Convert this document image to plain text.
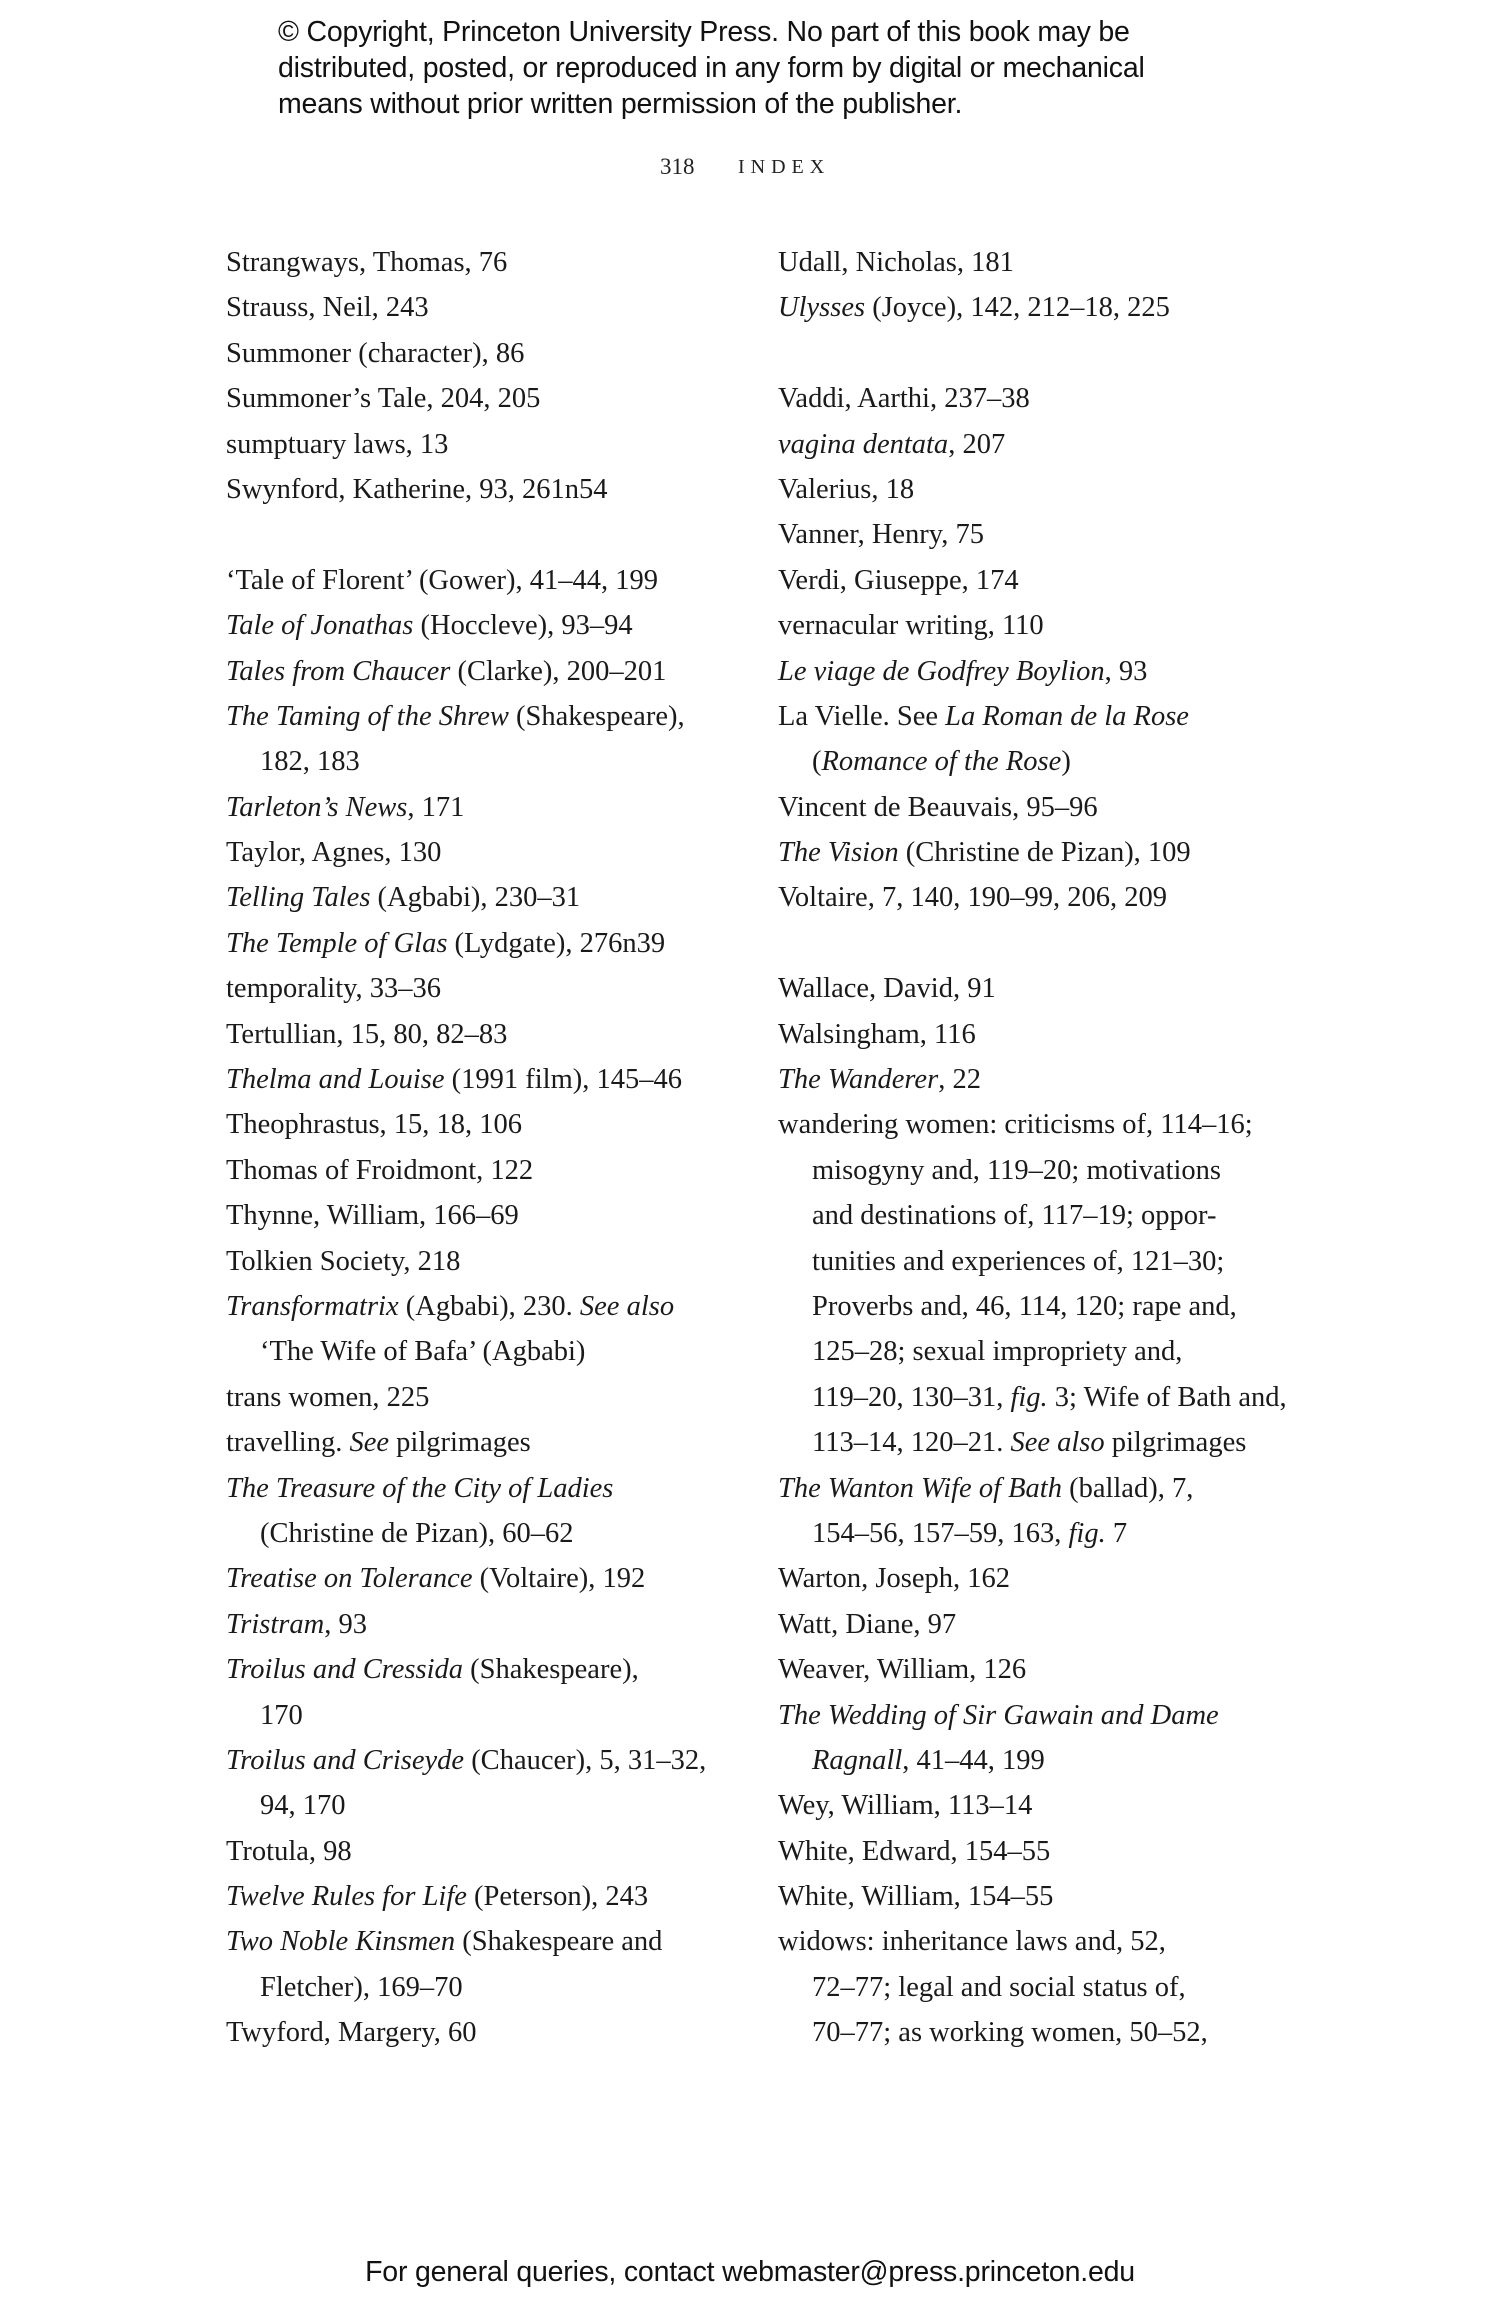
© Copyright, Princeton University Press. No part of this book may be
distributed, posted, or reproduced in any form by digital or mechanical
means without prior written permission of the publisher.
318 INDEX
Strangways, Thomas, 76
Strauss, Neil, 243
Summoner (character), 86
Summoner’s Tale, 204, 205
sumptuary laws, 13
Swynford, Katherine, 93, 261n54
‘Tale of Florent’ (Gower), 41–44, 199
Tale of Jonathas (Hoccleve), 93–94
Tales from Chaucer (Clarke), 200–201
The Taming of the Shrew (Shakespeare),
182, 183
Tarleton’s News, 171
Taylor, Agnes, 130
Telling Tales (Agbabi), 230–31
The Temple of Glas (Lydgate), 276n39
temporality, 33–36
Tertullian, 15, 80, 82–83
Thelma and Louise (1991 film), 145–46
Theophrastus, 15, 18, 106
Thomas of Froidmont, 122
Thynne, William, 166–69
Tolkien Society, 218
Transformatrix (Agbabi), 230. See also
‘The Wife of Bafa’ (Agbabi)
trans women, 225
travelling. See pilgrimages
The Treasure of the City of Ladies
(Christine de Pizan), 60–62
Treatise on Tolerance (Voltaire), 192
Tristram, 93
Troilus and Cressida (Shakespeare),
170
Troilus and Criseyde (Chaucer), 5, 31–32,
94, 170
Trotula, 98
Twelve Rules for Life (Peterson), 243
Two Noble Kinsmen (Shakespeare and
Fletcher), 169–70
Twyford, Margery, 60
Udall, Nicholas, 181
Ulysses (Joyce), 142, 212–18, 225
Vaddi, Aarthi, 237–38
vagina dentata, 207
Valerius, 18
Vanner, Henry, 75
Verdi, Giuseppe, 174
vernacular writing, 110
Le viage de Godfrey Boylion, 93
La Vielle. See La Roman de la Rose
(Romance of the Rose)
Vincent de Beauvais, 95–96
The Vision (Christine de Pizan), 109
Voltaire, 7, 140, 190–99, 206, 209
Wallace, David, 91
Walsingham, 116
The Wanderer, 22
wandering women: criticisms of, 114–16;
misogyny and, 119–20; motivations
and destinations of, 117–19; oppor-
tunities and experiences of, 121–30;
Proverbs and, 46, 114, 120; rape and,
125–28; sexual impropriety and,
119–20, 130–31, fig. 3; Wife of Bath and,
113–14, 120–21. See also pilgrimages
The Wanton Wife of Bath (ballad), 7,
154–56, 157–59, 163, fig. 7
Warton, Joseph, 162
Watt, Diane, 97
Weaver, William, 126
The Wedding of Sir Gawain and Dame
Ragnall, 41–44, 199
Wey, William, 113–14
White, Edward, 154–55
White, William, 154–55
widows: inheritance laws and, 52,
72–77; legal and social status of,
70–77; as working women, 50–52,
For general queries, contact webmaster@press.princeton.edu
